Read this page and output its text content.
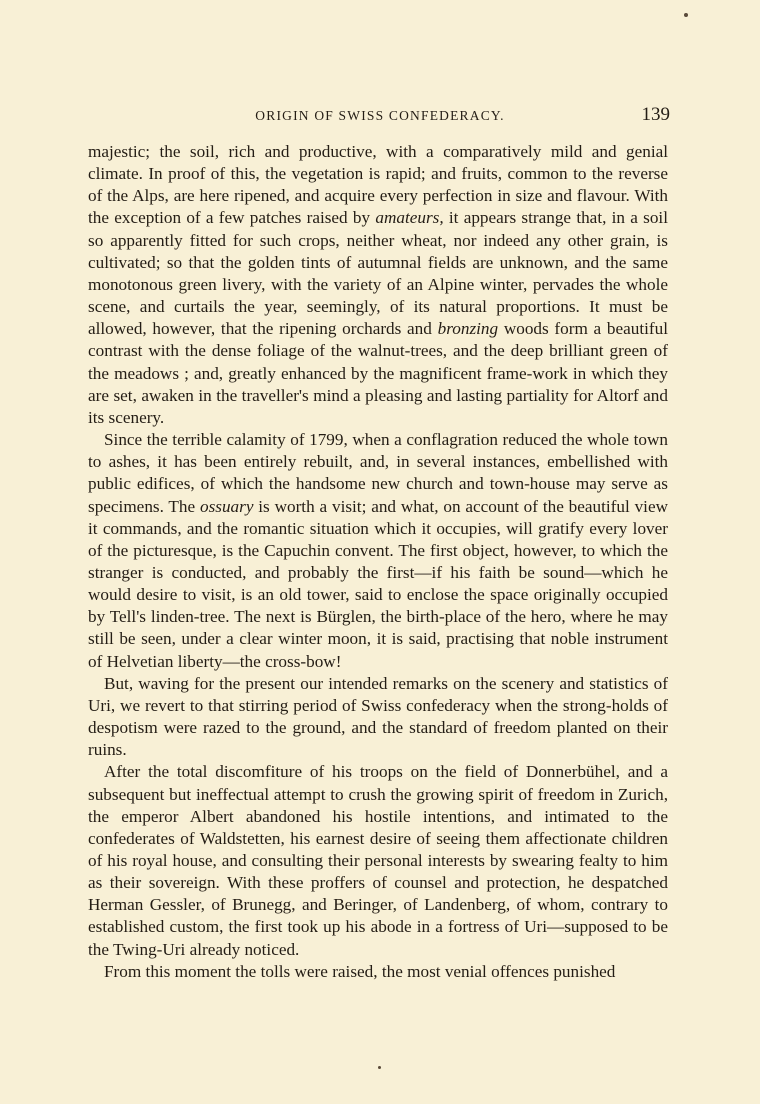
ORIGIN OF SWISS CONFEDERACY.	139

majestic; the soil, rich and productive, with a comparatively mild and genial climate. In proof of this, the vegetation is rapid; and fruits, common to the reverse of the Alps, are here ripened, and acquire every perfection in size and flavour. With the exception of a few patches raised by amateurs, it appears strange that, in a soil so apparently fitted for such crops, neither wheat, nor indeed any other grain, is cultivated; so that the golden tints of autumnal fields are unknown, and the same monotonous green livery, with the variety of an Alpine winter, pervades the whole scene, and curtails the year, seemingly, of its natural proportions. It must be allowed, however, that the ripening orchards and bronzing woods form a beautiful contrast with the dense foliage of the walnut-trees, and the deep brilliant green of the meadows ; and, greatly enhanced by the magnificent frame-work in which they are set, awaken in the traveller's mind a pleasing and lasting partiality for Altorf and its scenery.

Since the terrible calamity of 1799, when a conflagration reduced the whole town to ashes, it has been entirely rebuilt, and, in several instances, embellished with public edifices, of which the handsome new church and town-house may serve as specimens. The ossuary is worth a visit; and what, on account of the beautiful view it commands, and the romantic situation which it occupies, will gratify every lover of the picturesque, is the Capuchin convent. The first object, however, to which the stranger is conducted, and probably the first—if his faith be sound—which he would desire to visit, is an old tower, said to enclose the space originally occupied by Tell's linden-tree. The next is Bürglen, the birth-place of the hero, where he may still be seen, under a clear winter moon, it is said, practising that noble instrument of Helvetian liberty—the cross-bow!

But, waving for the present our intended remarks on the scenery and statistics of Uri, we revert to that stirring period of Swiss confederacy when the strong-holds of despotism were razed to the ground, and the standard of freedom planted on their ruins.

After the total discomfiture of his troops on the field of Donnerbühel, and a subsequent but ineffectual attempt to crush the growing spirit of freedom in Zurich, the emperor Albert abandoned his hostile intentions, and intimated to the confederates of Waldstetten, his earnest desire of seeing them affectionate children of his royal house, and consulting their personal interests by swearing fealty to him as their sovereign. With these proffers of counsel and protection, he despatched Herman Gessler, of Brunegg, and Beringer, of Landenberg, of whom, contrary to established custom, the first took up his abode in a fortress of Uri—supposed to be the Twing-Uri already noticed.

From this moment the tolls were raised, the most venial offences punished
